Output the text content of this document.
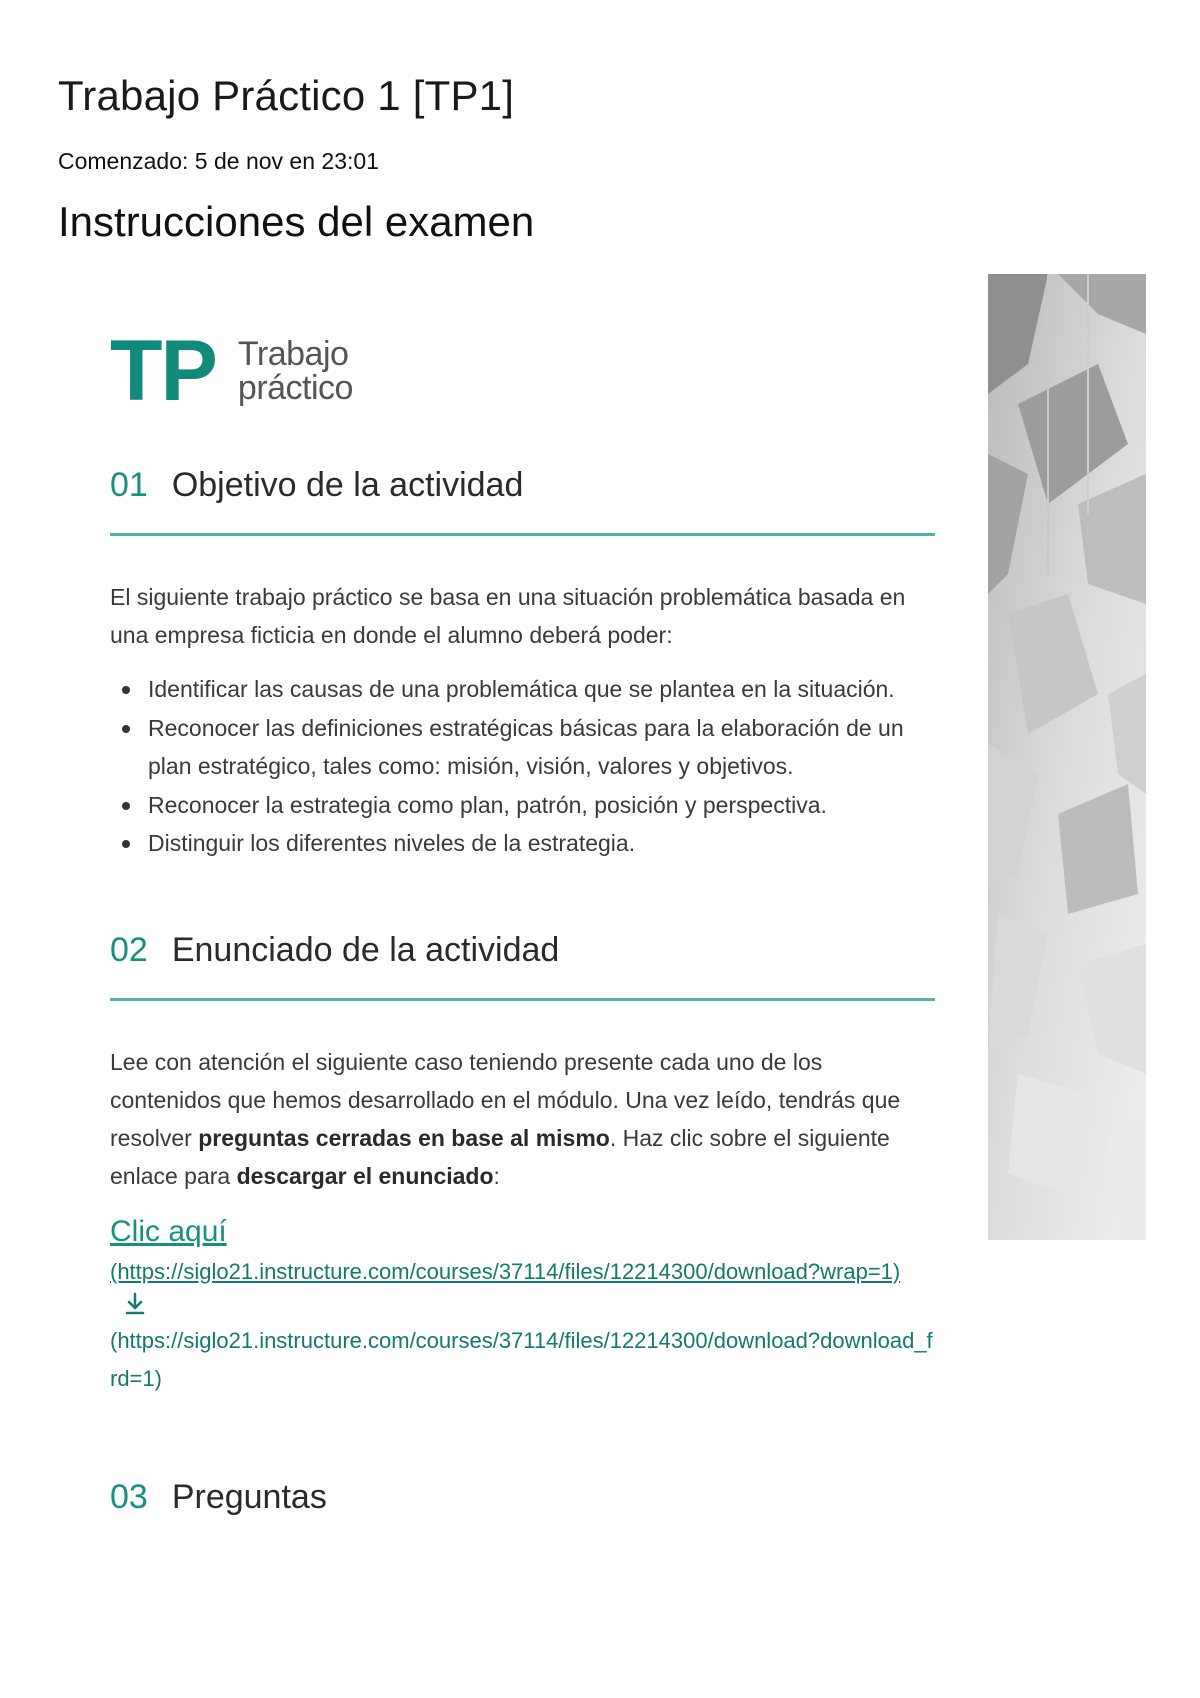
Trabajo Práctico 1 [TP1]
Comenzado: 5 de nov en 23:01
Instrucciones del examen
TP Trabajo
práctico
01 Objetivo de la actividad

El siguiente trabajo práctico se basa en una situación problemática basada en una empresa ficticia en donde el alumno deberá poder:

Identificar las causas de una problemática que se plantea en la situación.
Reconocer las definiciones estratégicas básicas para la elaboración de un plan estratégico, tales como: misión, visión, valores y objetivos.
Reconocer la estrategia como plan, patrón, posición y perspectiva.
Distinguir los diferentes niveles de la estrategia.
02 Enunciado de la actividad

Lee con atención el siguiente caso teniendo presente cada uno de los contenidos que hemos desarrollado en el módulo. Una vez leído, tendrás que resolver preguntas cerradas en base al mismo. Haz clic sobre el siguiente enlace para descargar el enunciado:

Clic aquí
(https://siglo21.instructure.com/courses/37114/files/12214300/download?wrap=1)
(https://siglo21.instructure.com/courses/37114/files/12214300/download?download_frd=1)
03 Preguntas
